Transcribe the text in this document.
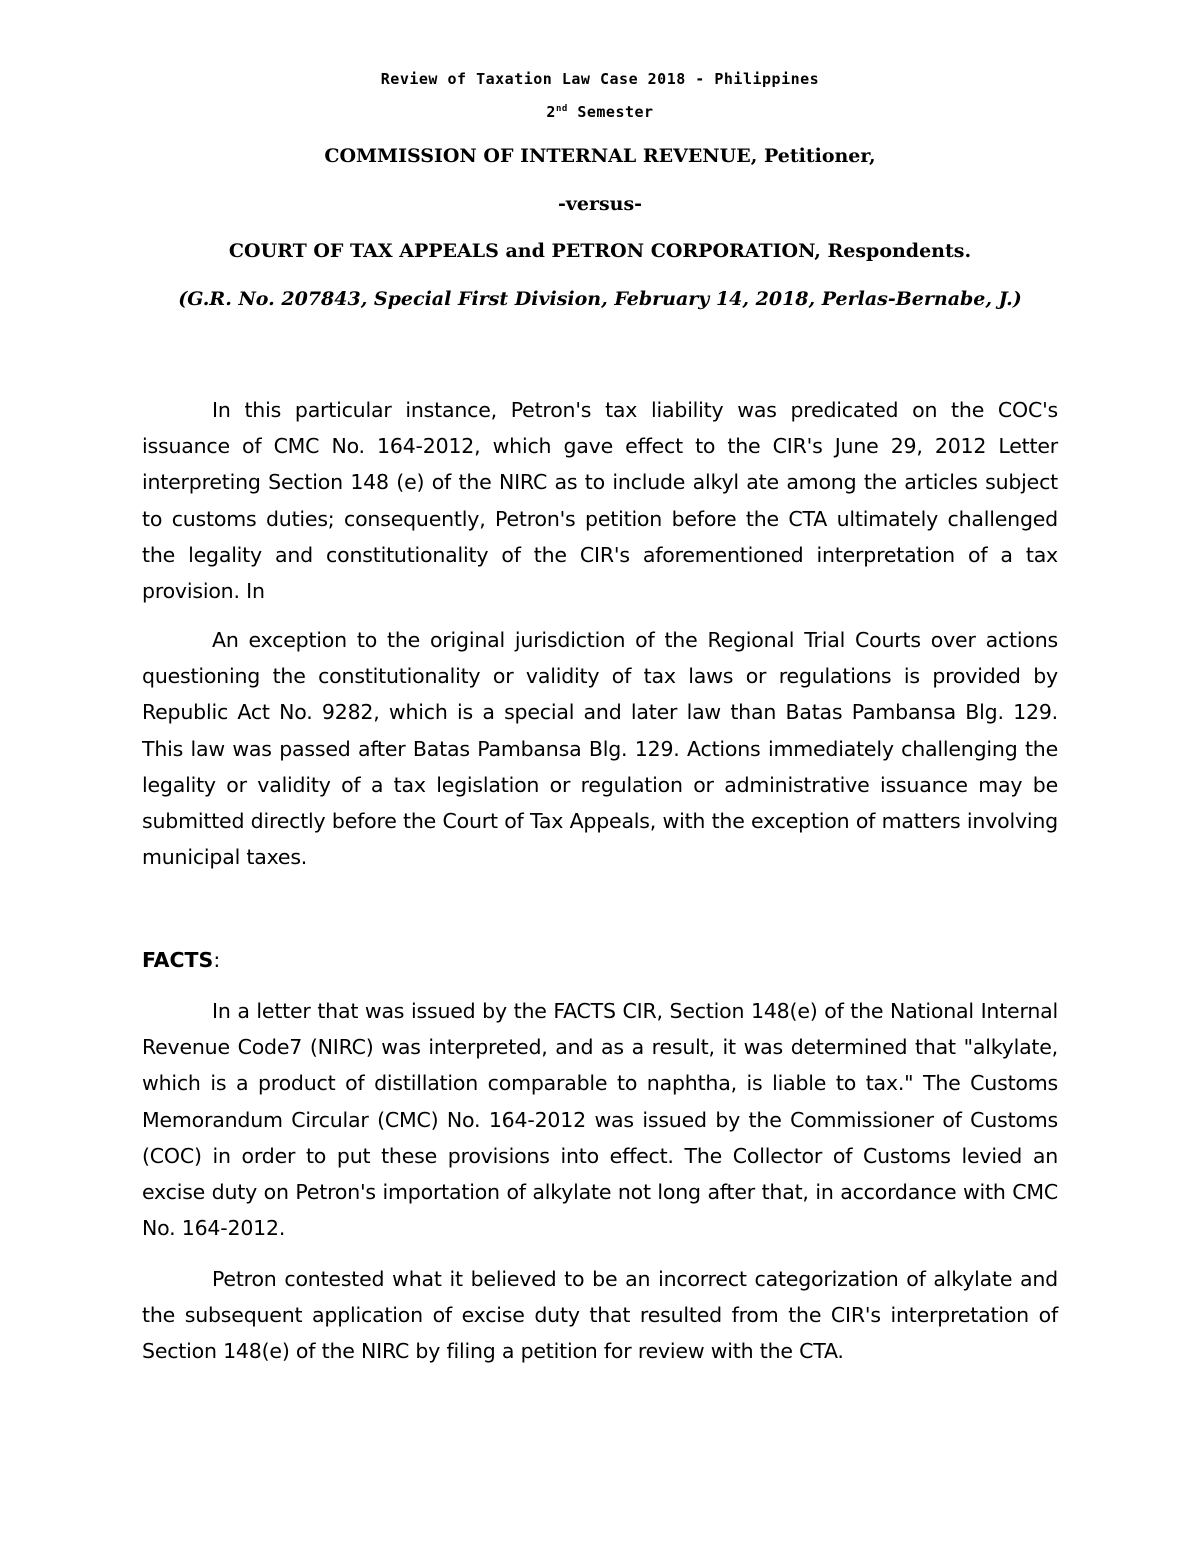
Review of Taxation Law Case 2018 - Philippines
2nd Semester
COMMISSION OF INTERNAL REVENUE, Petitioner,
-versus-
COURT OF TAX APPEALS and PETRON CORPORATION, Respondents.
(G.R. No. 207843, Special First Division, February 14, 2018, Perlas-Bernabe, J.)

In this particular instance, Petron's tax liability was predicated on the COC's issuance of CMC No. 164-2012, which gave effect to the CIR's June 29, 2012 Letter interpreting Section 148 (e) of the NIRC as to include alkyl ate among the articles subject to customs duties; consequently, Petron's petition before the CTA ultimately challenged the legality and constitutionality of the CIR's aforementioned interpretation of a tax provision. In

An exception to the original jurisdiction of the Regional Trial Courts over actions questioning the constitutionality or validity of tax laws or regulations is provided by Republic Act No. 9282, which is a special and later law than Batas Pambansa Blg. 129. This law was passed after Batas Pambansa Blg. 129. Actions immediately challenging the legality or validity of a tax legislation or regulation or administrative issuance may be submitted directly before the Court of Tax Appeals, with the exception of matters involving municipal taxes.

FACTS:

In a letter that was issued by the FACTS CIR, Section 148(e) of the National Internal Revenue Code7 (NIRC) was interpreted, and as a result, it was determined that "alkylate, which is a product of distillation comparable to naphtha, is liable to tax." The Customs Memorandum Circular (CMC) No. 164-2012 was issued by the Commissioner of Customs (COC) in order to put these provisions into effect. The Collector of Customs levied an excise duty on Petron's importation of alkylate not long after that, in accordance with CMC No. 164-2012.

Petron contested what it believed to be an incorrect categorization of alkylate and the subsequent application of excise duty that resulted from the CIR's interpretation of Section 148(e) of the NIRC by filing a petition for review with the CTA.
